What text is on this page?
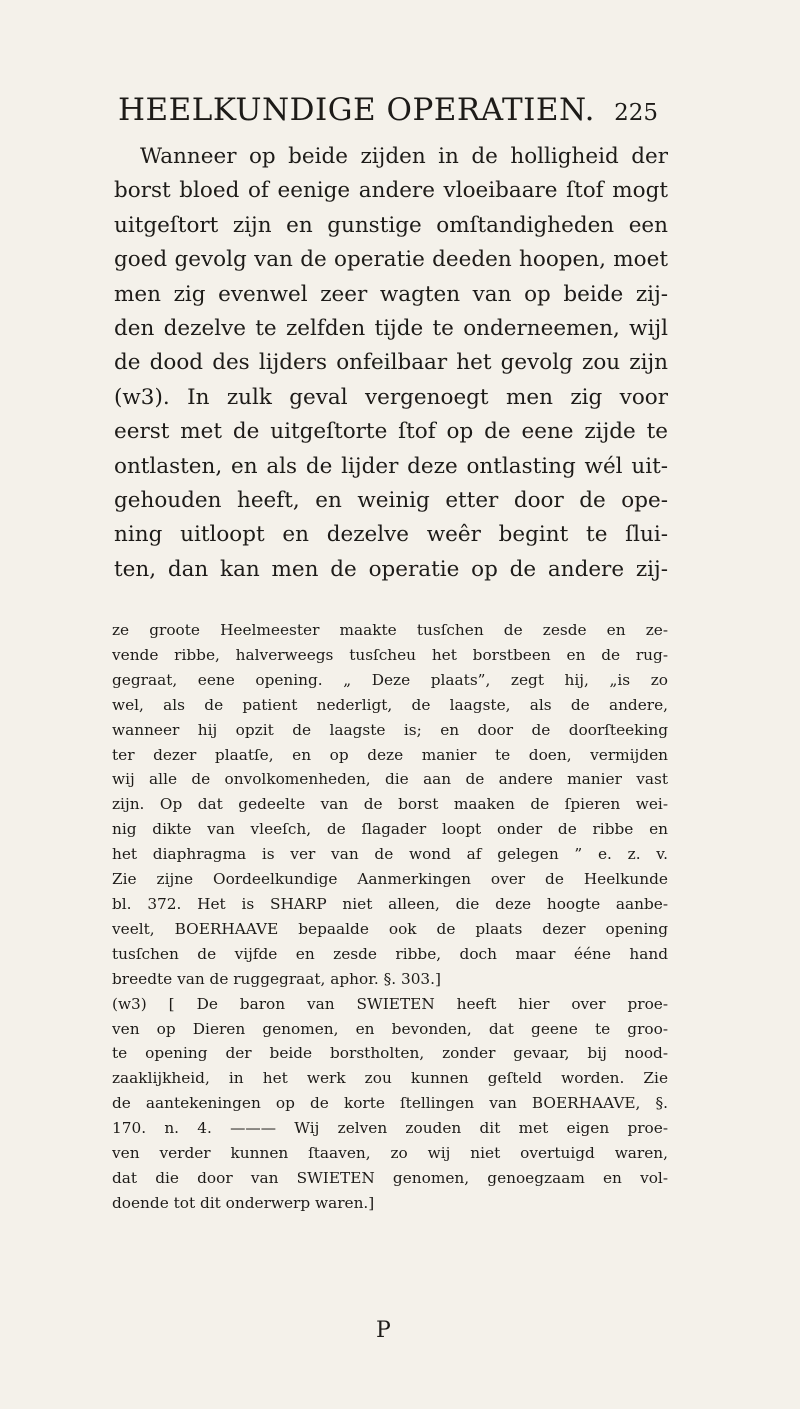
HEELKUNDIGE OPERATIEN. 225
Wanneer op beide zijden in de holligheid der
borst bloed of eenige andere vloeibaare ſtof mogt
uitgeſtort zijn en gunstige omſtandigheden een
goed gevolg van de operatie deeden hoopen, moet
men zig evenwel zeer wagten van op beide zij-
den dezelve te zelfden tijde te onderneemen, wijl
de dood des lijders onfeilbaar het gevolg zou zijn
(w3). In zulk geval vergenoegt men zig voor
eerst met de uitgeſtorte ſtof op de eene zijde te
ontlasten, en als de lijder deze ontlasting wél uit-
gehouden heeft, en weinig etter door de ope-
ning uitloopt en dezelve weêr begint te ſlui-
ten, dan kan men de operatie op de andere zij-
ze groote Heelmeester maakte tusſchen de zesde en ze-
vende ribbe, halverweegs tusſcheu het borstbeen en de rug-
gegraat, eene opening. „ Deze plaats”, zegt hij, „is zo
wel, als de patient nederligt, de laagste, als de andere,
wanneer hij opzit de laagste is; en door de doorſteeking
ter dezer plaatſe, en op deze manier te doen, vermijden
wij alle de onvolkomenheden, die aan de andere manier vast
zijn. Op dat gedeelte van de borst maaken de ſpieren wei-
nig dikte van vleeſch, de ſlagader loopt onder de ribbe en
het diaphragma is ver van de wond af gelegen ” e. z. v.
Zie zijne Oordeelkundige Aanmerkingen over de Heelkunde
bl. 372. Het is SHARP niet alleen, die deze hoogte aanbe-
veelt, BOERHAAVE bepaalde ook de plaats dezer opening
tusſchen de vijfde en zesde ribbe, doch maar ééne hand
breedte van de ruggegraat, aphor. §. 303.]
(w3) [ De baron van SWIETEN heeft hier over proe-
ven op Dieren genomen, en bevonden, dat geene te groo-
te opening der beide borstholten, zonder gevaar, bij nood-
zaaklijkheid, in het werk zou kunnen geſteld worden. Zie
de aantekeningen op de korte ſtellingen van BOERHAAVE, §.
170. n. 4. ——— Wij zelven zouden dit met eigen proe-
ven verder kunnen ſtaaven, zo wij niet overtuigd waren,
dat die door van SWIETEN genomen, genoegzaam en vol-
doende tot dit onderwerp waren.]
P
